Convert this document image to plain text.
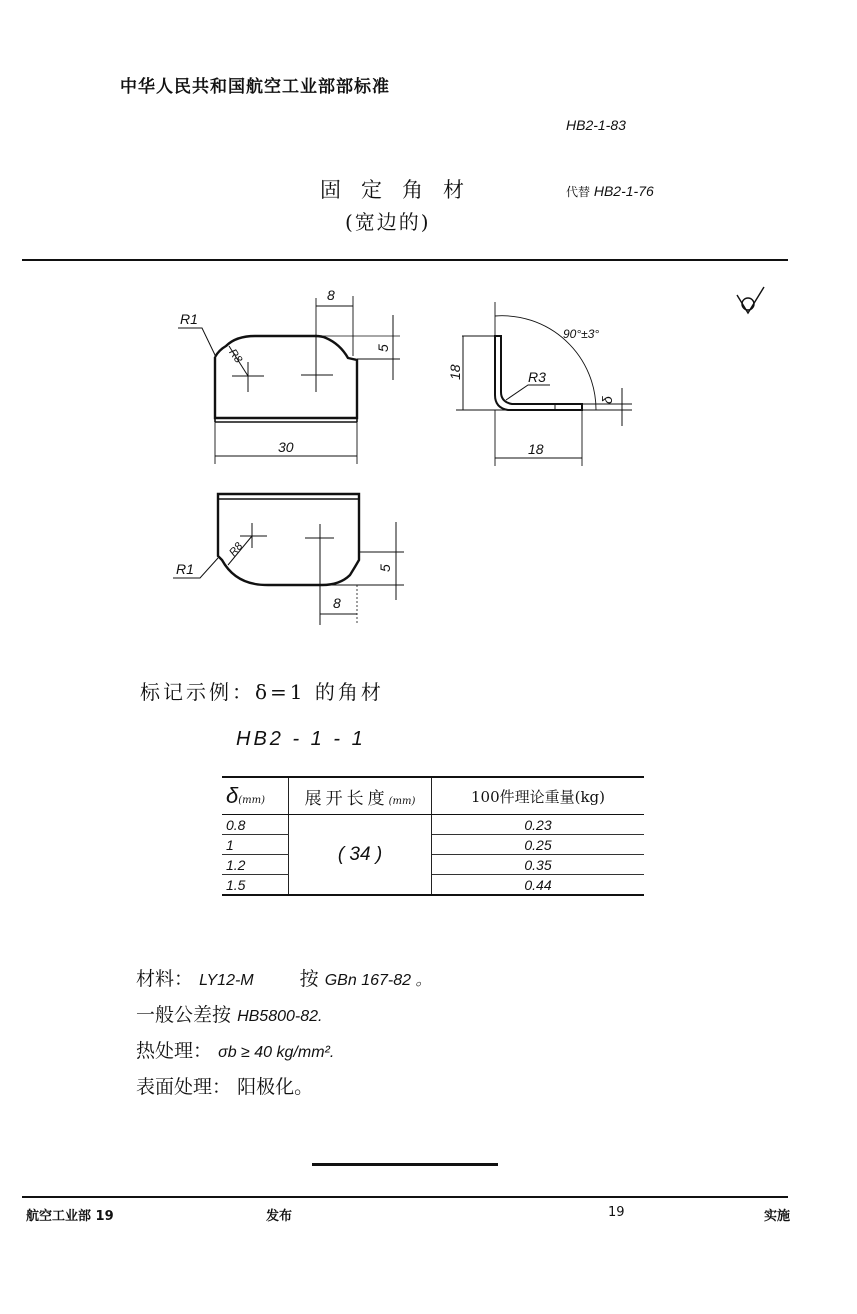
中华人民共和国航空工业部部标准
HB2-1-83
固定角材
(宽边的)
代替 HB2-1-76
R1
R8
8
5
30
90°±3°
R3
18
18
δ
R8
R1	5
8
标记示例：δ=1 的角材
HB2 - 1 - 1
δ(mm)	展开长度(mm)	100件理论重量(kg)
0.8	( 34 )	0.23
1		0.25
1.2		0.35
1.5		0.44
材料： LY12-M 按 GBn 167-82 。
一般公差按 HB5800-82.
热处理： σb ≥ 40 kg/mm².
表面处理： 阳极化。
航空工业部 19	发布	19	实施
